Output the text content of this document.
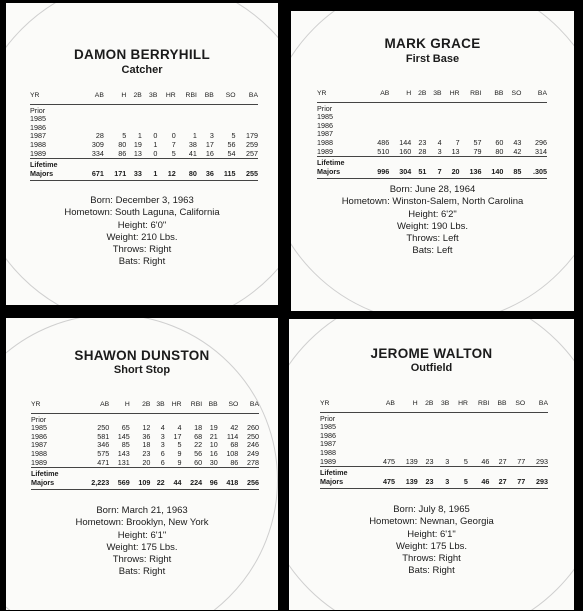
DAMON BERRYHILL
Catcher
YR	AB	H	2B	3B	HR	RBI	BB	SO	BA
Prior									
1985									
1986									
1987	28	5	1	0	0	1	3	5	179
1988	309	80	19	1	7	38	17	56	259
1989	334	86	13	0	5	41	16	54	257
Lifetime									
Majors	671	171	33	1	12	80	36	115	255
Born: December 3, 1963
Hometown: South Laguna, California
Height: 6'0"
Weight: 210 Lbs.
Throws: Right
Bats: Right
MARK GRACE
First Base
YR	AB	H	2B	3B	HR	RBI	BB	SO	BA
Prior									
1985									
1986									
1987									
1988	486	144	23	4	7	57	60	43	296
1989	510	160	28	3	13	79	80	42	314
Lifetime									
Majors	996	304	51	7	20	136	140	85	.305
Born: June 28, 1964
Hometown: Winston-Salem, North Carolina
Height: 6'2"
Weight: 190 Lbs.
Throws: Left
Bats: Left
SHAWON DUNSTON
Short Stop
YR	AB	H	2B	3B	HR	RBI	BB	SO	BA
Prior									
1985	250	65	12	4	4	18	19	42	260
1986	581	145	36	3	17	68	21	114	250
1987	346	85	18	3	5	22	10	68	246
1988	575	143	23	6	9	56	16	108	249
1989	471	131	20	6	9	60	30	86	278
Lifetime									
Majors	2,223	569	109	22	44	224	96	418	256
Born: March 21, 1963
Hometown: Brooklyn, New York
Height: 6'1"
Weight: 175 Lbs.
Throws: Right
Bats: Right
JEROME WALTON
Outfield
YR	AB	H	2B	3B	HR	RBI	BB	SO	BA
Prior									
1985									
1986									
1987									
1988									
1989	475	139	23	3	5	46	27	77	293
Lifetime									
Majors	475	139	23	3	5	46	27	77	293
Born: July 8, 1965
Hometown: Newnan, Georgia
Height: 6'1"
Weight: 175 Lbs.
Throws: Right
Bats: Right
